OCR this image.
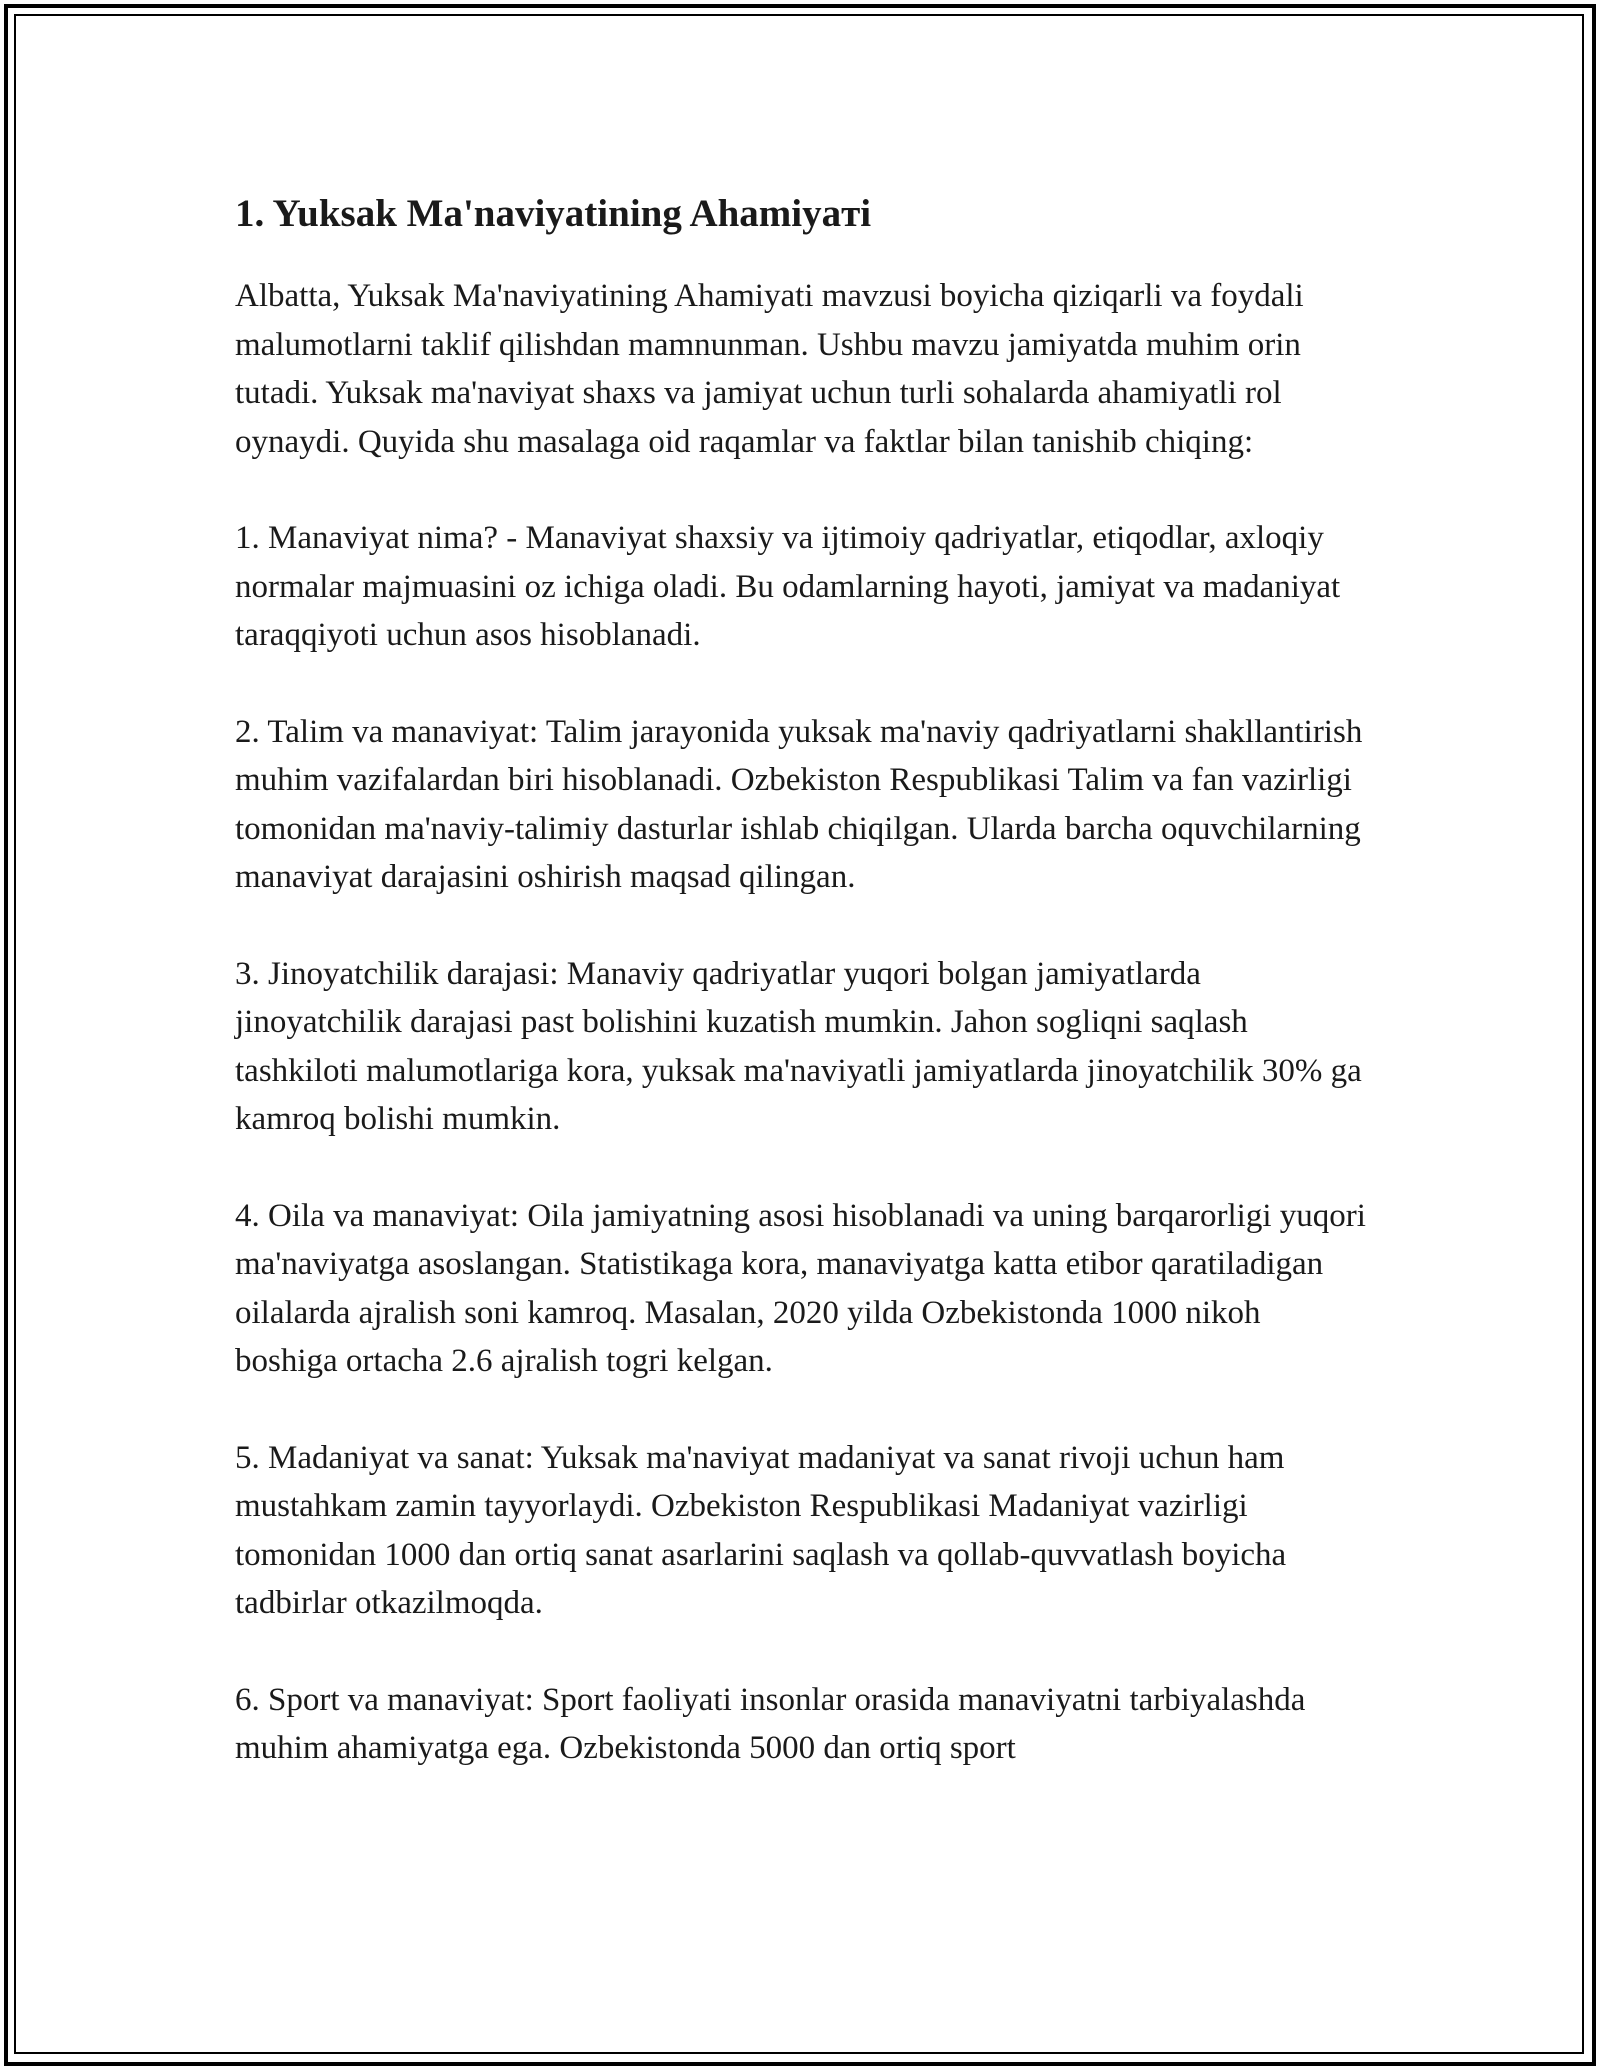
1. Yuksak Ma'naviyatining Ahamiyaтi

Albatta, Yuksak Ma'naviyatining Ahamiyati mavzusi boyicha qiziqarli va foydali malumotlarni taklif qilishdan mamnunman. Ushbu mavzu jamiyatda muhim orin tutadi. Yuksak ma'naviyat shaxs va jamiyat uchun turli sohalarda ahamiyatli rol oynaydi. Quyida shu masalaga oid raqamlar va faktlar bilan tanishib chiqing:

1. Manaviyat nima? - Manaviyat shaxsiy va ijtimoiy qadriyatlar, etiqodlar, axloqiy normalar majmuasini oz ichiga oladi. Bu odamlarning hayoti, jamiyat va madaniyat taraqqiyoti uchun asos hisoblanadi.

2. Talim va manaviyat: Talim jarayonida yuksak ma'naviy qadriyatlarni shakllantirish muhim vazifalardan biri hisoblanadi. Ozbekiston Respublikasi Talim va fan vazirligi tomonidan ma'naviy-talimiy dasturlar ishlab chiqilgan. Ularda barcha oquvchilarning manaviyat darajasini oshirish maqsad qilingan.

3. Jinoyatchilik darajasi: Manaviy qadriyatlar yuqori bolgan jamiyatlarda jinoyatchilik darajasi past bolishini kuzatish mumkin. Jahon sogliqni saqlash tashkiloti malumotlariga kora, yuksak ma'naviyatli jamiyatlarda jinoyatchilik 30% ga kamroq bolishi mumkin.

4. Oila va manaviyat: Oila jamiyatning asosi hisoblanadi va uning barqarorligi yuqori ma'naviyatga asoslangan. Statistikaga kora, manaviyatga katta etibor qaratiladigan oilalarda ajralish soni kamroq. Masalan, 2020 yilda Ozbekistonda 1000 nikoh boshiga ortacha 2.6 ajralish togri kelgan.

5. Madaniyat va sanat: Yuksak ma'naviyat madaniyat va sanat rivoji uchun ham mustahkam zamin tayyorlaydi. Ozbekiston Respublikasi Madaniyat vazirligi tomonidan 1000 dan ortiq sanat asarlarini saqlash va qollab-quvvatlash boyicha tadbirlar otkazilmoqda.

6. Sport va manaviyat: Sport faoliyati insonlar orasida manaviyatni tarbiyalashda muhim ahamiyatga ega. Ozbekistonda 5000 dan ortiq sport
